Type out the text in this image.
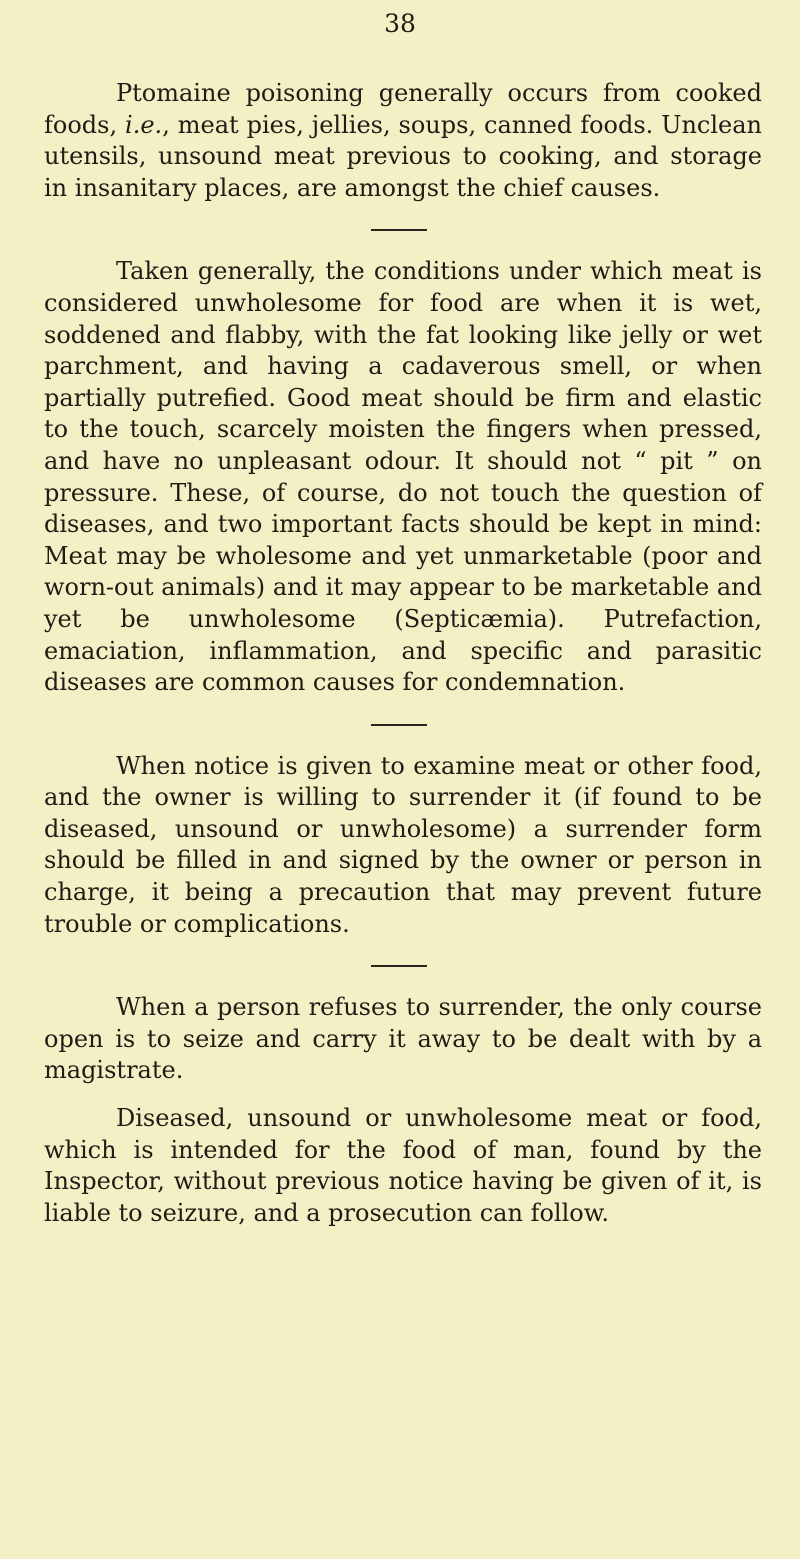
38

Ptomaine poisoning generally occurs from cooked foods, i.e., meat pies, jellies, soups, canned foods. Unclean utensils, unsound meat previous to cooking, and storage in insanitary places, are amongst the chief causes.

Taken generally, the conditions under which meat is considered unwholesome for food are when it is wet, soddened and flabby, with the fat looking like jelly or wet parchment, and having a cadaverous smell, or when partially putrefied. Good meat should be firm and elastic to the touch, scarcely moisten the fingers when pressed, and have no unpleasant odour. It should not “ pit ” on pressure. These, of course, do not touch the question of diseases, and two important facts should be kept in mind: Meat may be wholesome and yet unmarketable (poor and worn-out animals) and it may appear to be marketable and yet be unwholesome (Septicæmia). Putrefaction, emaciation, inflammation, and specific and parasitic diseases are common causes for condemnation.

When notice is given to examine meat or other food, and the owner is willing to surrender it (if found to be diseased, unsound or unwholesome) a surrender form should be filled in and signed by the owner or person in charge, it being a precaution that may prevent future trouble or complications.

When a person refuses to surrender, the only course open is to seize and carry it away to be dealt with by a magistrate.

Diseased, unsound or unwholesome meat or food, which is intended for the food of man, found by the Inspector, without previous notice having be given of it, is liable to seizure, and a prosecution can follow.
